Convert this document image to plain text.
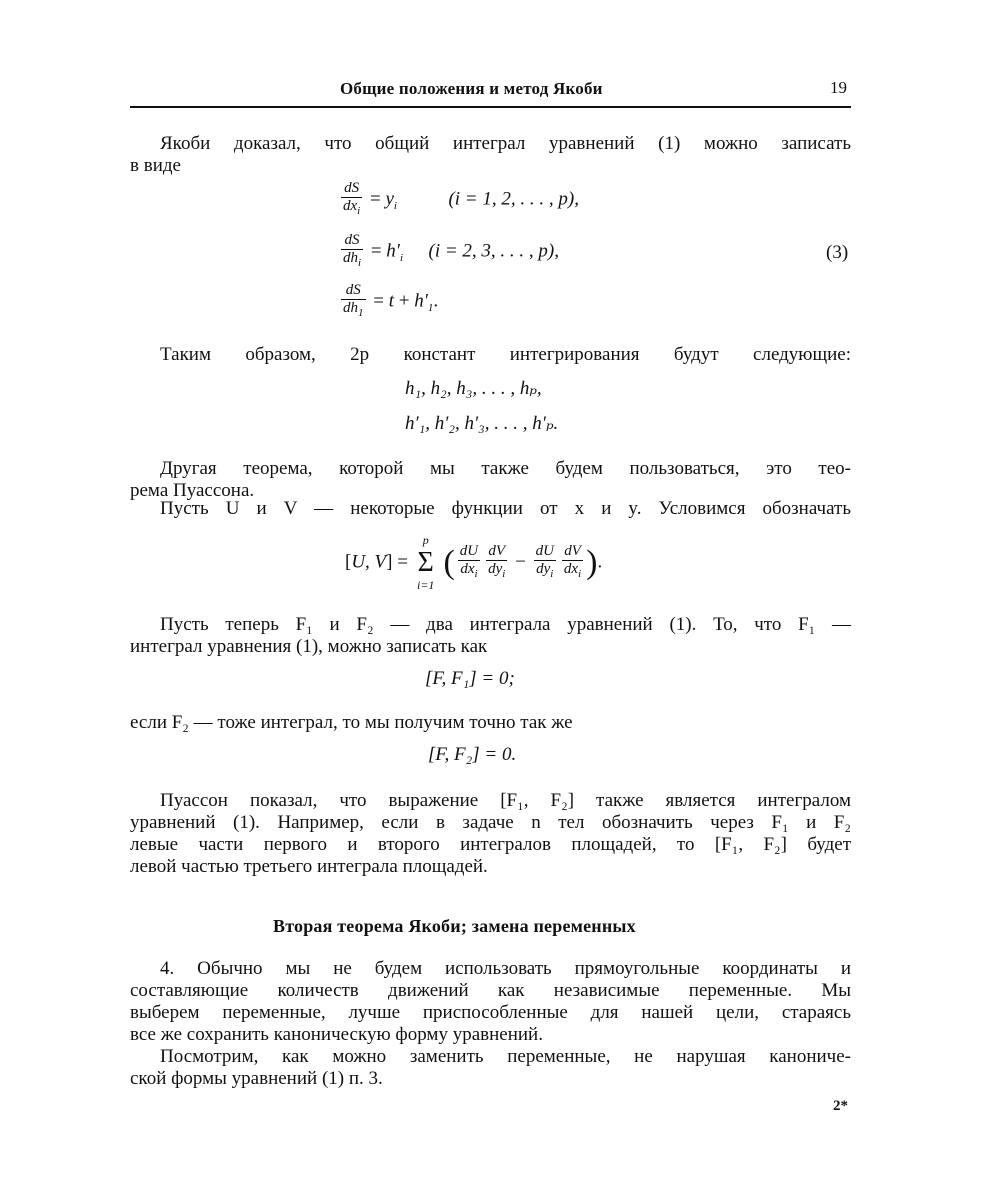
Общие положения и метод Якоби	19
Якоби доказал, что общий интеграл уравнений (1) можно записать
в виде
$\frac{dS}{dx_i} = y_i$	(i = 1, 2, . . . , p),
$\frac{dS}{dh_i} = h'_i$ (i = 2, 3, . . . , p),	(3)
$\frac{dS}{dh_1} = t + h'_1$.
Таким образом, 2p констант интегрирования будут следующие:
h₁, h₂, h₃, . . . , hₚ,
h′₁, h′₂, h′₃, . . . , h′ₚ.
Другая теорема, которой мы также будем пользоваться, это тео-
рема Пуассона.
Пусть U и V — некоторые функции от x и y. Условимся обозначать
[U, V] =
p
Σ
i=1
( $\frac{dU}{dx_i} \frac{dV}{dy_i} - \frac{dU}{dy_i} \frac{dV}{dx_i}$ ).
Пусть теперь F₁ и F₂ — два интеграла уравнений (1). То, что F₁ —
интеграл уравнения (1), можно записать как
[F, F₁] = 0;
если F₂ — тоже интеграл, то мы получим точно так же
[F, F₂] = 0.
Пуассон показал, что выражение [F₁, F₂] также является интегралом
уравнений (1). Например, если в задаче n тел обозначить через F₁ и F₂
левые части первого и второго интегралов площадей, то [F₁, F₂] будет
левой частью третьего интеграла площадей.
Вторая теорема Якоби; замена переменных
4. Обычно мы не будем использовать прямоугольные координаты и
составляющие количеств движений как независимые переменные. Мы
выберем переменные, лучше приспособленные для нашей цели, стараясь
все же сохранить каноническую форму уравнений.
Посмотрим, как можно заменить переменные, не нарушая канониче-
ской формы уравнений (1) п. 3.
2*
